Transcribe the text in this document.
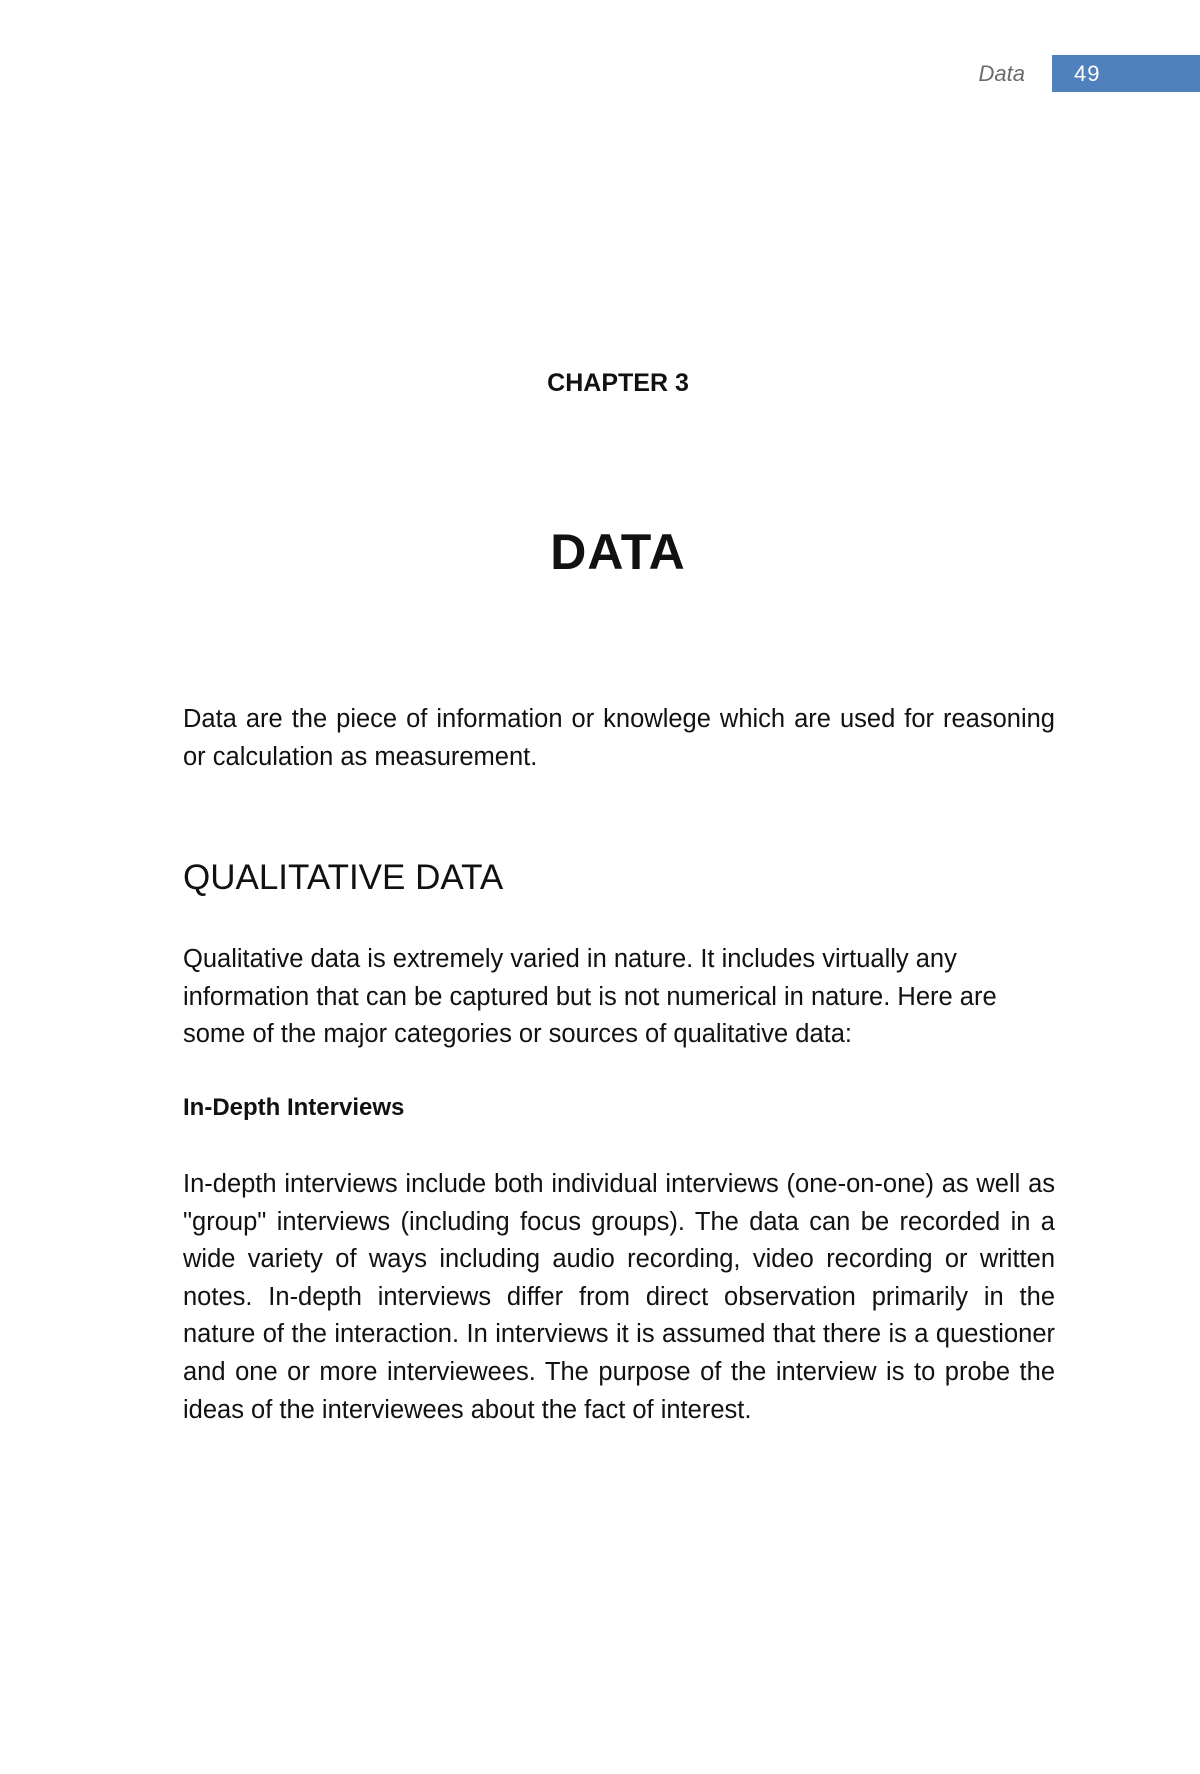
Data 49
CHAPTER 3
DATA

Data are the piece of information or knowlege which are used for reasoning or calculation as measurement.

QUALITATIVE DATA

Qualitative data is extremely varied in nature. It includes virtually any information that can be captured but is not numerical in nature. Here are some of the major categories or sources of qualitative data:

In-Depth Interviews

In-depth interviews include both individual interviews (one-on-one) as well as "group" interviews (including focus groups). The data can be recorded in a wide variety of ways including audio recording, video recording or written notes. In-depth interviews differ from direct observation primarily in the nature of the interaction. In interviews it is assumed that there is a questioner and one or more interviewees. The purpose of the interview is to probe the ideas of the interviewees about the fact of interest.
